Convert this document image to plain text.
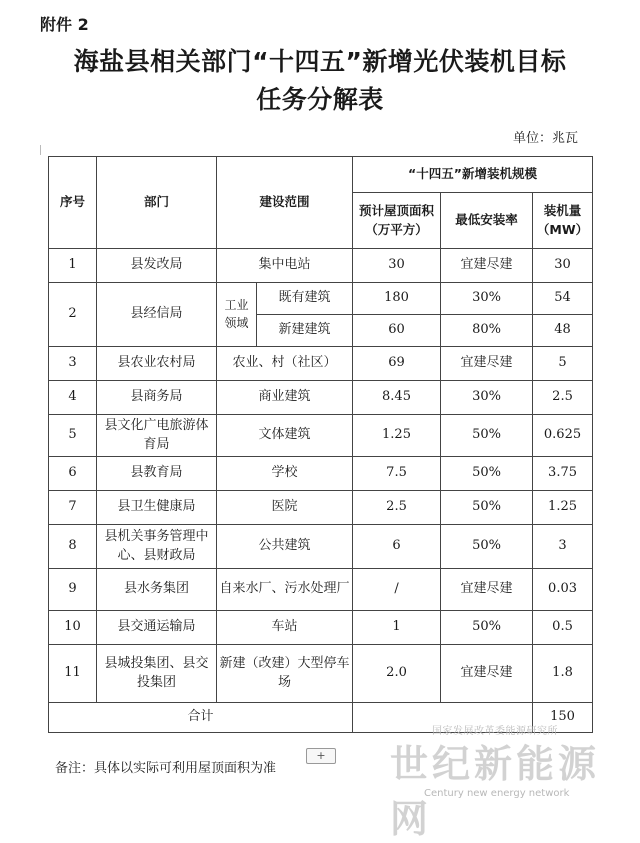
附件 2
海盐县相关部门“十四五”新增光伏装机目标
任务分解表
单位：兆瓦
序号	部门	建设范围		“十四五”新增装机规模		
				预计屋顶面积（万平方）	最低安装率	装机量（MW）
1	县发改局	集中电站		30	宜建尽建	30
2	县经信局	工业领域	既有建筑	180	30%	54
			新建建筑	60	80%	48
3	县农业农村局	农业、村（社区）		69	宜建尽建	5
4	县商务局	商业建筑		8.45	30%	2.5
5	县文化广电旅游体育局	文体建筑		1.25	50%	0.625
6	县教育局	学校		7.5	50%	3.75
7	县卫生健康局	医院		2.5	50%	1.25
8	县机关事务管理中心、县财政局	公共建筑		6	50%	3
9	县水务集团	自来水厂、污水处理厂		/	宜建尽建	0.03
10	县交通运输局	车站		1	50%	0.5
11	县城投集团、县交投集团	新建（改建）大型停车场		2.0	宜建尽建	1.8
合计						150
备注：具体以实际可利用屋顶面积为准
+
国家发展改革委能源研究所
世纪新能源网
Century new energy network
